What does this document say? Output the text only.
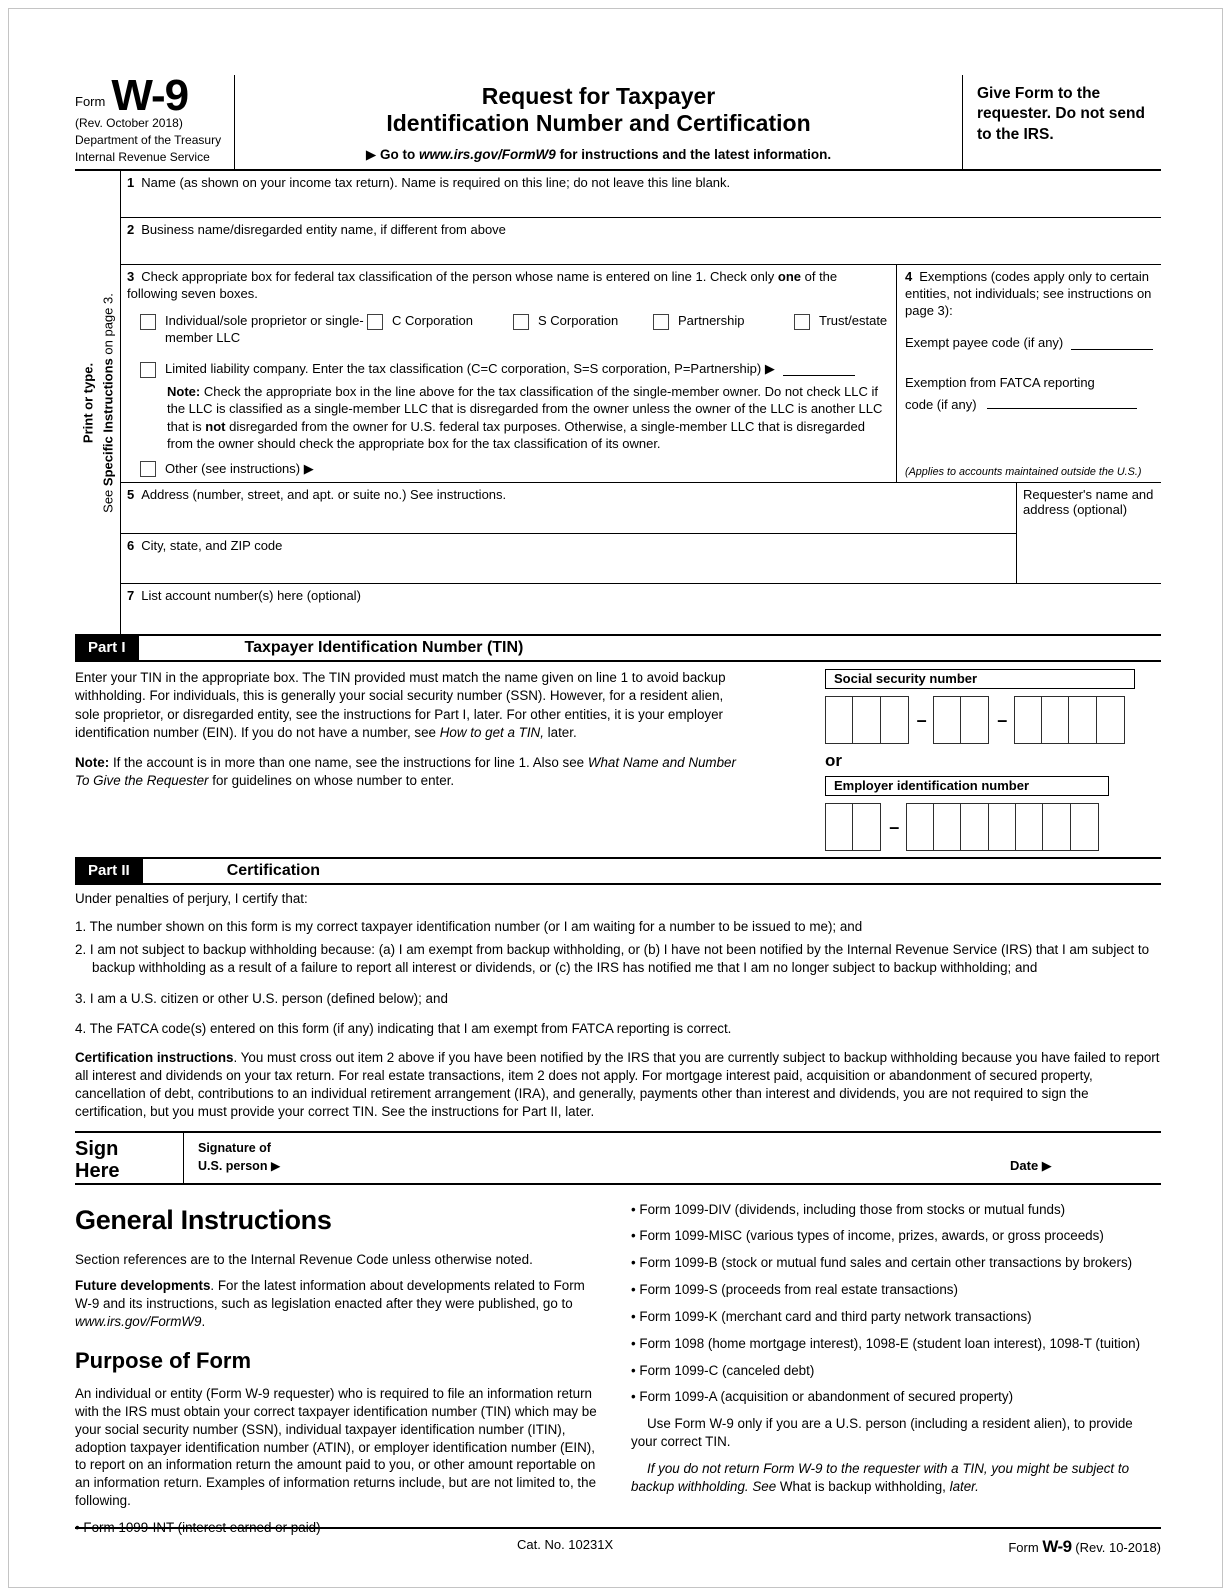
Form W-9
(Rev. October 2018)
Department of the Treasury
Internal Revenue Service
Request for Taxpayer
Identification Number and Certification
▶ Go to www.irs.gov/FormW9 for instructions and the latest information.
Give Form to the requester. Do not send to the IRS.
Print or type.
See Specific Instructions on page 3.
1 Name (as shown on your income tax return). Name is required on this line; do not leave this line blank.
2 Business name/disregarded entity name, if different from above
3 Check appropriate box for federal tax classification of the person whose name is entered on line 1. Check only one of the following seven boxes.
Individual/sole proprietor or single-member LLC
C Corporation	S Corporation	Partnership	Trust/estate
Limited liability company. Enter the tax classification (C=C corporation, S=S corporation, P=Partnership) ▶
Note: Check the appropriate box in the line above for the tax classification of the single-member owner. Do not check LLC if the LLC is classified as a single-member LLC that is disregarded from the owner unless the owner of the LLC is another LLC that is not disregarded from the owner for U.S. federal tax purposes. Otherwise, a single-member LLC that is disregarded from the owner should check the appropriate box for the tax classification of its owner.
Other (see instructions) ▶
4 Exemptions (codes apply only to certain entities, not individuals; see instructions on page 3):
Exempt payee code (if any)
Exemption from FATCA reporting
code (if any)
(Applies to accounts maintained outside the U.S.)
5 Address (number, street, and apt. or suite no.) See instructions.
6 City, state, and ZIP code
Requester's name and address (optional)
7 List account number(s) here (optional)
Part I	Taxpayer Identification Number (TIN)

Enter your TIN in the appropriate box. The TIN provided must match the name given on line 1 to avoid backup withholding. For individuals, this is generally your social security number (SSN). However, for a resident alien, sole proprietor, or disregarded entity, see the instructions for Part I, later. For other entities, it is your employer identification number (EIN). If you do not have a number, see How to get a TIN, later.

Note: If the account is in more than one name, see the instructions for line 1. Also see What Name and Number To Give the Requester for guidelines on whose number to enter.

Social security number
–	–
or
Employer identification number
–
Part II	Certification

Under penalties of perjury, I certify that:

1. The number shown on this form is my correct taxpayer identification number (or I am waiting for a number to be issued to me); and

2. I am not subject to backup withholding because: (a) I am exempt from backup withholding, or (b) I have not been notified by the Internal Revenue Service (IRS) that I am subject to backup withholding as a result of a failure to report all interest or dividends, or (c) the IRS has notified me that I am no longer subject to backup withholding; and

3. I am a U.S. citizen or other U.S. person (defined below); and

4. The FATCA code(s) entered on this form (if any) indicating that I am exempt from FATCA reporting is correct.

Certification instructions. You must cross out item 2 above if you have been notified by the IRS that you are currently subject to backup withholding because you have failed to report all interest and dividends on your tax return. For real estate transactions, item 2 does not apply. For mortgage interest paid, acquisition or abandonment of secured property, cancellation of debt, contributions to an individual retirement arrangement (IRA), and generally, payments other than interest and dividends, you are not required to sign the certification, but you must provide your correct TIN. See the instructions for Part II, later.

Sign
Here
Signature of
U.S. person ▶	Date ▶
General Instructions

Section references are to the Internal Revenue Code unless otherwise noted.

Future developments. For the latest information about developments related to Form W-9 and its instructions, such as legislation enacted after they were published, go to www.irs.gov/FormW9.

Purpose of Form

An individual or entity (Form W-9 requester) who is required to file an information return with the IRS must obtain your correct taxpayer identification number (TIN) which may be your social security number (SSN), individual taxpayer identification number (ITIN), adoption taxpayer identification number (ATIN), or employer identification number (EIN), to report on an information return the amount paid to you, or other amount reportable on an information return. Examples of information returns include, but are not limited to, the following.

• Form 1099-INT (interest earned or paid)

• Form 1099-DIV (dividends, including those from stocks or mutual funds)

• Form 1099-MISC (various types of income, prizes, awards, or gross proceeds)

• Form 1099-B (stock or mutual fund sales and certain other transactions by brokers)

• Form 1099-S (proceeds from real estate transactions)

• Form 1099-K (merchant card and third party network transactions)

• Form 1098 (home mortgage interest), 1098-E (student loan interest), 1098-T (tuition)

• Form 1099-C (canceled debt)

• Form 1099-A (acquisition or abandonment of secured property)

Use Form W-9 only if you are a U.S. person (including a resident alien), to provide your correct TIN.

If you do not return Form W-9 to the requester with a TIN, you might be subject to backup withholding. See What is backup withholding, later.

Cat. No. 10231X	Form W-9 (Rev. 10-2018)
